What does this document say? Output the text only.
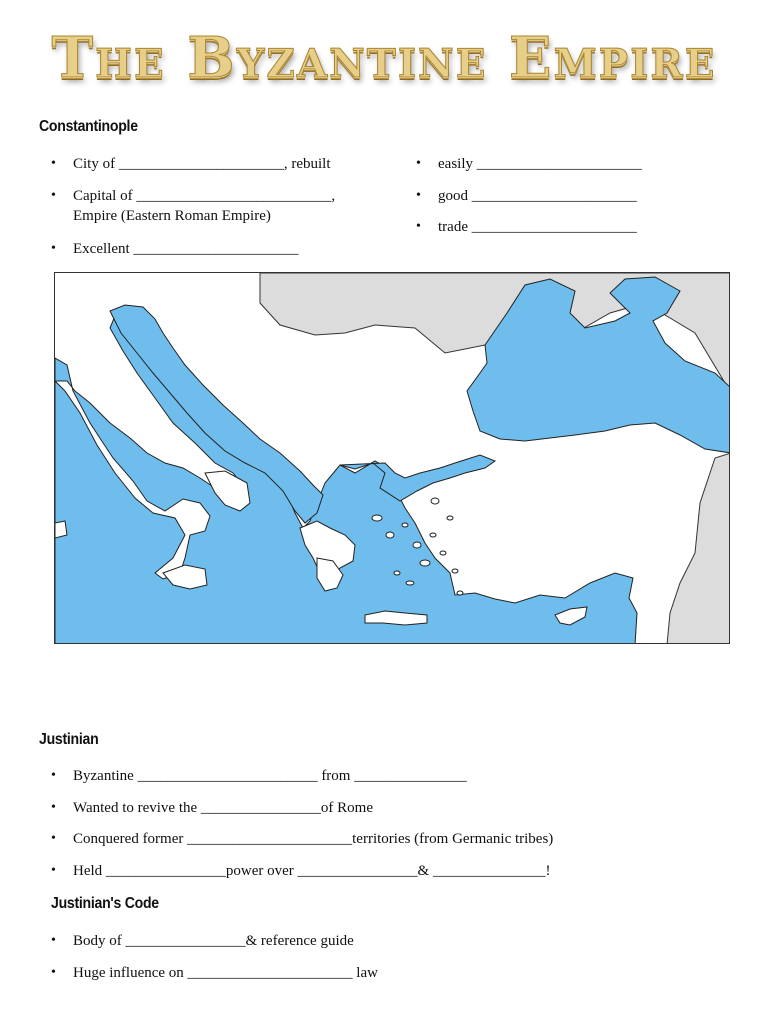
The Byzantine Empire
Constantinople
• City of ______________________, rebuilt
• Capital of __________________________,
Empire (Eastern Roman Empire)
• Excellent ______________________
• easily ______________________
• good ______________________
• trade ______________________
Justinian
• Byzantine ________________________ from _______________
• Wanted to revive the ________________of Rome
• Conquered former ______________________territories (from Germanic tribes)
• Held ________________power over ________________& _______________!
Justinian's Code
• Body of ________________& reference guide
• Huge influence on ______________________ law
